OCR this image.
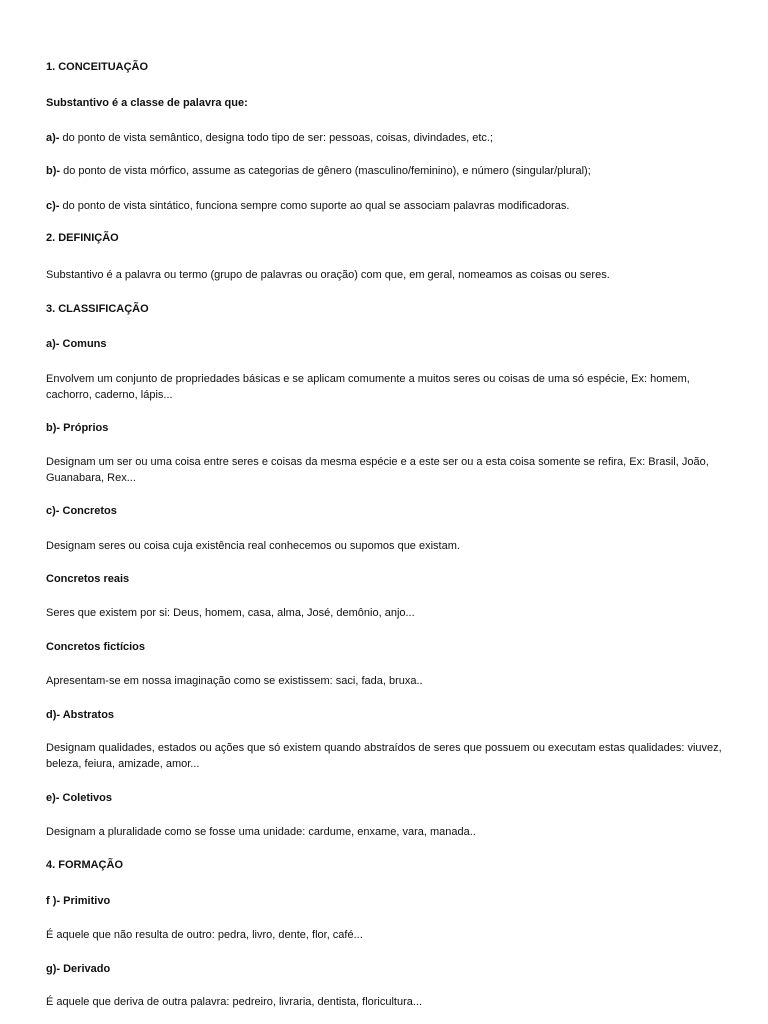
1. CONCEITUAÇÃO

Substantivo é a classe de palavra que:

a)- do ponto de vista semântico, designa todo tipo de ser: pessoas, coisas, divindades, etc.;

b)- do ponto de vista mórfico, assume as categorias de gênero (masculino/feminino), e número (singular/plural);

c)- do ponto de vista sintático, funciona sempre como suporte ao qual se associam palavras modificadoras.

2. DEFINIÇÃO

Substantivo é a palavra ou termo (grupo de palavras ou oração) com que, em geral, nomeamos as coisas ou seres.

3. CLASSIFICAÇÃO

a)- Comuns

Envolvem um conjunto de propriedades básicas e se aplicam comumente a muitos seres ou coisas de uma só espécie, Ex: homem, cachorro, caderno, lápis...

b)- Próprios

Designam um ser ou uma coisa entre seres e coisas da mesma espécie e a este ser ou a esta coisa somente se refira, Ex: Brasil, João, Guanabara, Rex...

c)- Concretos

Designam seres ou coisa cuja existência real conhecemos ou supomos que existam.

Concretos reais

Seres que existem por si: Deus, homem, casa, alma, José, demônio, anjo...

Concretos fictícios

Apresentam-se em nossa imaginação como se existissem: saci, fada, bruxa..

d)- Abstratos

Designam qualidades, estados ou ações que só existem quando abstraídos de seres que possuem ou executam estas qualidades: viuvez, beleza, feiura, amizade, amor...

e)- Coletivos

Designam a pluralidade como se fosse uma unidade: cardume, enxame, vara, manada..

4. FORMAÇÃO

f )- Primitivo

É aquele que não resulta de outro: pedra, livro, dente, flor, café...

g)- Derivado

É aquele que deriva de outra palavra: pedreiro, livraria, dentista, floricultura...
